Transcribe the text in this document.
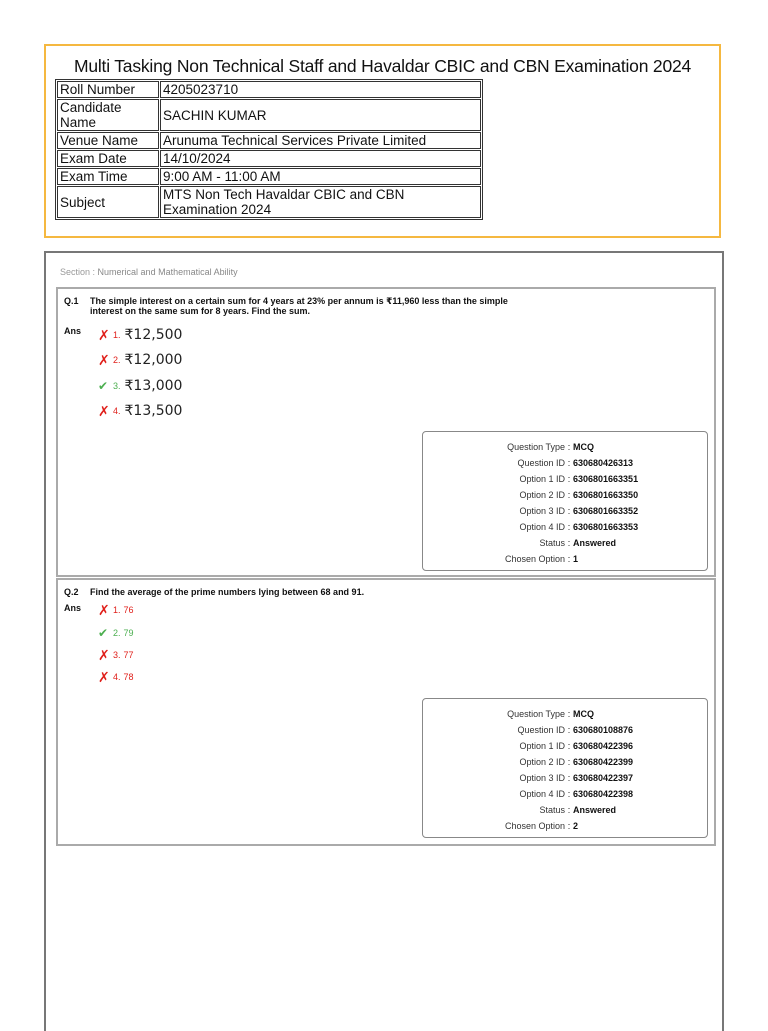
Multi Tasking Non Technical Staff and Havaldar CBIC and CBN Examination 2024
Roll Number	4205023710
Candidate Name	SACHIN KUMAR
Venue Name	Arunuma Technical Services Private Limited
Exam Date	14/10/2024
Exam Time	9:00 AM - 11:00 AM
Subject	MTS Non Tech Havaldar CBIC and CBN Examination 2024
Section : Numerical and Mathematical Ability
Q.1 The simple interest on a certain sum for 4 years at 23% per annum is ₹11,960 less than the simple interest on the same sum for 8 years. Find the sum.
Ans ✗ 1. ₹12,500
✗ 2. ₹12,000
✔ 3. ₹13,000
✗ 4. ₹13,500
Question Type : MCQ
Question ID : 630680426313
Option 1 ID : 6306801663351
Option 2 ID : 6306801663350
Option 3 ID : 6306801663352
Option 4 ID : 6306801663353
Status : Answered
Chosen Option : 1
Q.2 Find the average of the prime numbers lying between 68 and 91.
Ans ✗ 1. 76
✔ 2. 79
✗ 3. 77
✗ 4. 78
Question Type : MCQ
Question ID : 630680108876
Option 1 ID : 630680422396
Option 2 ID : 630680422399
Option 3 ID : 630680422397
Option 4 ID : 630680422398
Status : Answered
Chosen Option : 2
